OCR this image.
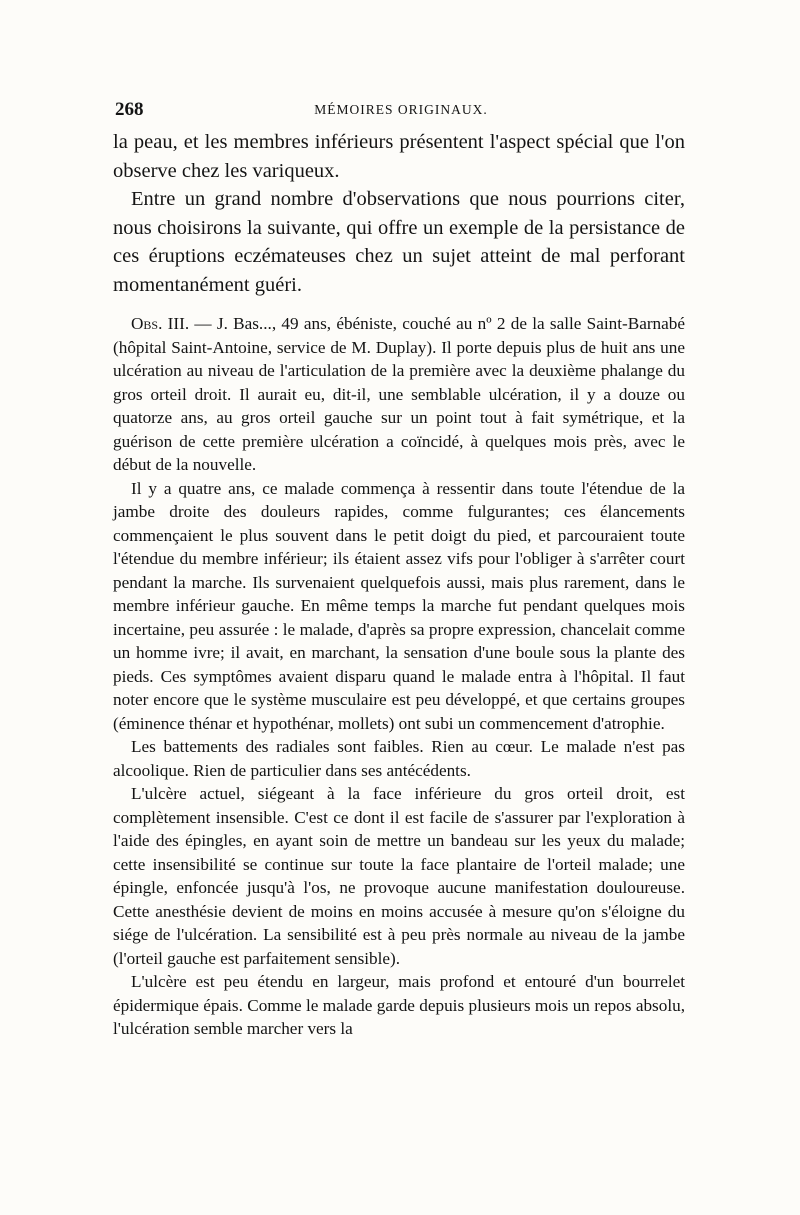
268	MÉMOIRES ORIGINAUX.

la peau, et les membres inférieurs présentent l'aspect spécial que l'on observe chez les variqueux.

Entre un grand nombre d'observations que nous pourrions citer, nous choisirons la suivante, qui offre un exemple de la persistance de ces éruptions eczémateuses chez un sujet atteint de mal perforant momentanément guéri.

Obs. III. — J. Bas..., 49 ans, ébéniste, couché au nº 2 de la salle Saint-Barnabé (hôpital Saint-Antoine, service de M. Duplay). Il porte depuis plus de huit ans une ulcération au niveau de l'articulation de la première avec la deuxième phalange du gros orteil droit. Il aurait eu, dit-il, une semblable ulcération, il y a douze ou quatorze ans, au gros orteil gauche sur un point tout à fait symétrique, et la guérison de cette première ulcération a coïncidé, à quelques mois près, avec le début de la nouvelle.

Il y a quatre ans, ce malade commença à ressentir dans toute l'étendue de la jambe droite des douleurs rapides, comme fulgurantes; ces élancements commençaient le plus souvent dans le petit doigt du pied, et parcouraient toute l'étendue du membre inférieur; ils étaient assez vifs pour l'obliger à s'arrêter court pendant la marche. Ils survenaient quelquefois aussi, mais plus rarement, dans le membre inférieur gauche. En même temps la marche fut pendant quelques mois incertaine, peu assurée : le malade, d'après sa propre expression, chancelait comme un homme ivre; il avait, en marchant, la sensation d'une boule sous la plante des pieds. Ces symptômes avaient disparu quand le malade entra à l'hôpital. Il faut noter encore que le système musculaire est peu développé, et que certains groupes (éminence thénar et hypothénar, mollets) ont subi un commencement d'atrophie.

Les battements des radiales sont faibles. Rien au cœur. Le malade n'est pas alcoolique. Rien de particulier dans ses antécédents.

L'ulcère actuel, siégeant à la face inférieure du gros orteil droit, est complètement insensible. C'est ce dont il est facile de s'assurer par l'exploration à l'aide des épingles, en ayant soin de mettre un bandeau sur les yeux du malade; cette insensibilité se continue sur toute la face plantaire de l'orteil malade; une épingle, enfoncée jusqu'à l'os, ne provoque aucune manifestation douloureuse. Cette anesthésie devient de moins en moins accusée à mesure qu'on s'éloigne du siége de l'ulcération. La sensibilité est à peu près normale au niveau de la jambe (l'orteil gauche est parfaitement sensible).

L'ulcère est peu étendu en largeur, mais profond et entouré d'un bourrelet épidermique épais. Comme le malade garde depuis plusieurs mois un repos absolu, l'ulcération semble marcher vers la
